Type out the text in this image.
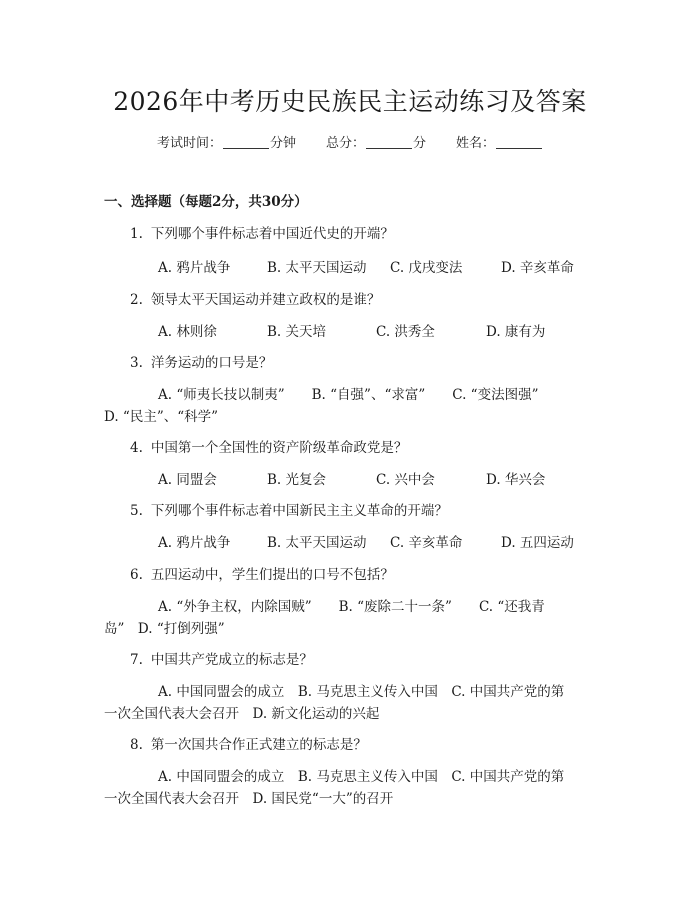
2026年中考历史民族民主运动练习及答案
考试时间：	分钟 总分：	分 姓名：
一、选择题（每题2分，共30分）
1. 下列哪个事件标志着中国近代史的开端？
A. 鸦片战争	B. 太平天国运动 C. 戊戌变法	D. 辛亥革命
2. 领导太平天国运动并建立政权的是谁？
A. 林则徐	B. 关天培	C. 洪秀全	D. 康有为
3. 洋务运动的口号是？
A. “师夷长技以制夷”　　B. “自强”、“求富”　　C. “变法图强”
D. “民主”、“科学”
4. 中国第一个全国性的资产阶级革命政党是？
A. 同盟会	B. 光复会	C. 兴中会	D. 华兴会
5. 下列哪个事件标志着中国新民主主义革命的开端？
A. 鸦片战争	B. 太平天国运动 C. 辛亥革命	D. 五四运动
6. 五四运动中，学生们提出的口号不包括？
A. “外争主权，内除国贼”　　B. “废除二十一条”　　C. “还我青
岛”　D. “打倒列强”
7. 中国共产党成立的标志是？
A. 中国同盟会的成立　B. 马克思主义传入中国　C. 中国共产党的第
一次全国代表大会召开　D. 新文化运动的兴起
8. 第一次国共合作正式建立的标志是？
A. 中国同盟会的成立　B. 马克思主义传入中国　C. 中国共产党的第
一次全国代表大会召开　D. 国民党“一大”的召开
